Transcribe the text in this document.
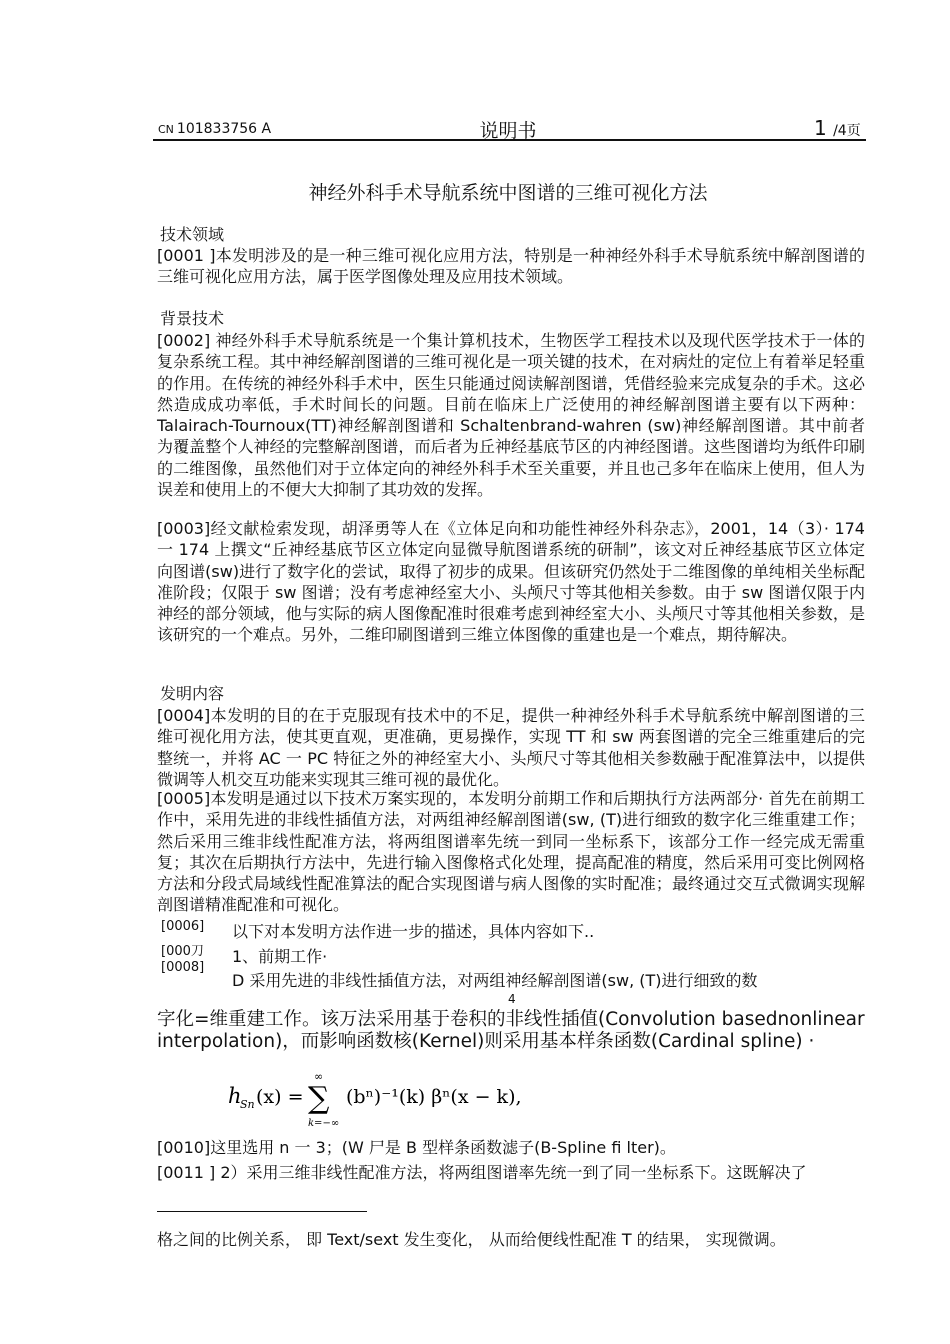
CN 101833756 A	说明书	1 /4页
神经外科手术导航系统中图谱的三维可视化方法
技术领域
[0001 ]本发明涉及的是一种三维可视化应用方法，特别是一种神经外科手术导航系统中解剖图谱的三维可视化应用方法，属于医学图像处理及应用技术领域。
背景技术
[0002] 神经外科手术导航系统是一个集计算机技术，生物医学工程技术以及现代医学技术于一体的复杂系统工程。其中神经解剖图谱的三维可视化是一项关键的技术，在对病灶的定位上有着举足轻重的作用。在传统的神经外科手术中，医生只能通过阅读解剖图谱，凭借经验来完成复杂的手术。这必然造成成功率低，手术时间长的问题。目前在临床上广泛使用的神经解剖图谱主要有以下两种：Talairach-Tournoux(TT)神经解剖图谱和 Schaltenbrand-wahren (sw)神经解剖图谱。其中前者为覆盖整个人神经的完整解剖图谱，而后者为丘神经基底节区的内神经图谱。这些图谱均为纸件印刷的二维图像，虽然他们对于立体定向的神经外科手术至关重要，并且也己多年在临床上使用，但人为误差和使用上的不便大大抑制了其功效的发挥。
[0003]经文献检索发现，胡泽勇等人在《立体足向和功能性神经外科杂志》，2001，14（3）· 174 一 174 上撰文“丘神经基底节区立体定向显微导航图谱系统的研制”，该文对丘神经基底节区立体定向图谱(sw)进行了数字化的尝试，取得了初步的成果。但该研究仍然处于二维图像的单纯相关坐标配准阶段；仅限于 sw 图谱；没有考虑神经室大小、头颅尺寸等其他相关参数。由于 sw 图谱仅限于内神经的部分领域，他与实际的病人图像配准时很难考虑到神经室大小、头颅尺寸等其他相关参数，是该研究的一个难点。另外，二维印刷图谱到三维立体图像的重建也是一个难点，期待解决。
发明内容
[0004]本发明的目的在于克服现有技术中的不足，提供一种神经外科手术导航系统中解剖图谱的三维可视化用方法，使其更直观，更准确，更易操作，实现 TT 和 sw 两套图谱的完全三维重建后的完整统一，并将 AC 一 PC 特征之外的神经室大小、头颅尺寸等其他相关参数融于配准算法中，以提供微调等人机交互功能来实现其三维可视的最优化。
[0005]本发明是通过以下技术万案实现的，本发明分前期工作和后期执行方法两部分· 首先在前期工作中，采用先进的非线性插值方法，对两组神经解剖图谱(sw, (T)进行细致的数字化三维重建工作；然后采用三维非线性配准方法，将两组图谱率先统一到同一坐标系下，该部分工作一经完成无需重复；其次在后期执行方法中，先进行输入图像格式化处理，提高配准的精度，然后采用可变比例网格方法和分段式局域线性配准算法的配合实现图谱与病人图像的实时配准；最终通过交互式微调实现解剖图谱精准配准和可视化。
[0006] 以下对本发明方法作进一步的描述，具体内容如下..
[000刀 1、前期工作·
[0008]
D 采用先进的非线性插值方法，对两组神经解剖图谱(sw, (T)进行细致的数
4
字化=维重建工作。该万法采用基于卷积的非线性插值(Convolution basednonlinear interpolation)，而影响函数核(Kernel)则采用基本样条函数(Cardinal spline) ·
h
Sn (x) =
∞
∑
k=−∞
(bⁿ)⁻¹(k) βⁿ(x − k),
[0010]这里选用 n 一 3；(W 尸是 B 型样条函数滤子(B-Spline fi lter)。
[0011 ] 2）采用三维非线性配准方法，将两组图谱率先统一到了同一坐标系下。这既解决了
格之间的比例关系， 即 Text/sext 发生变化， 从而给便线性配准 T 的结果， 实现微调。
